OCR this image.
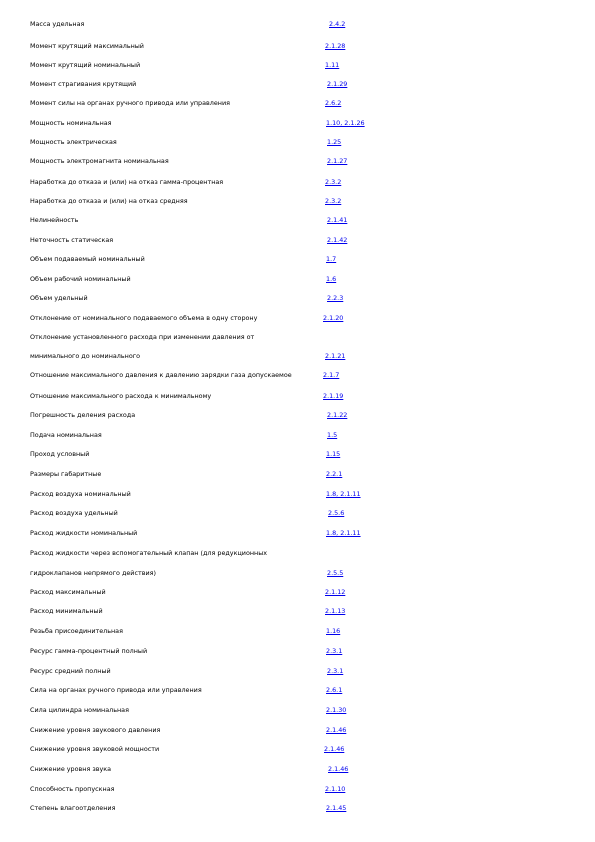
Масса удельная	2.4.2
Момент крутящий максимальный	2.1.28
Момент крутящий номинальный	1.11
Момент страгивания крутящий	2.1.29
Момент силы на органах ручного привода или управления	2.6.2
Мощность номинальная	1.10, 2.1.26
Мощность электрическая	1.25
Мощность электромагнита номинальная	2.1.27
Наработка до отказа и (или) на отказ гамма-процентная	2.3.2
Наработка до отказа и (или) на отказ средняя	2.3.2
Нелинейность	2.1.41
Неточность статическая	2.1.42
Объем подаваемый номинальный	1.7
Объем рабочий номинальный	1.6
Объем удельный	2.2.3
Отклонение от номинального подаваемого объема в одну сторону	2.1.20
Отклонение установленного расхода при изменении давления от
минимального до номинального	2.1.21
Отношение максимального давления к давлению зарядки газа допускаемое	2.1.7
Отношение максимального расхода к минимальному	2.1.19
Погрешность деления расхода	2.1.22
Подача номинальная	1.5
Проход условный	1.15
Размеры габаритные	2.2.1
Расход воздуха номинальный	1.8, 2.1.11
Расход воздуха удельный	2.5.6
Расход жидкости номинальный	1.8, 2.1.11
Расход жидкости через вспомогательный клапан (для редукционных
гидроклапанов непрямого действия)	2.5.5
Расход максимальный	2.1.12
Расход минимальный	2.1.13
Резьба присоединительная	1.16
Ресурс гамма-процентный полный	2.3.1
Ресурс средний полный	2.3.1
Сила на органах ручного привода или управления	2.6.1
Сила цилиндра номинальная	2.1.30
Снижение уровня звукового давления	2.1.46
Снижение уровня звуковой мощности	2.1.46
Снижение уровня звука	2.1.46
Способность пропускная	2.1.10
Степень влагоотделения	2.1.45
